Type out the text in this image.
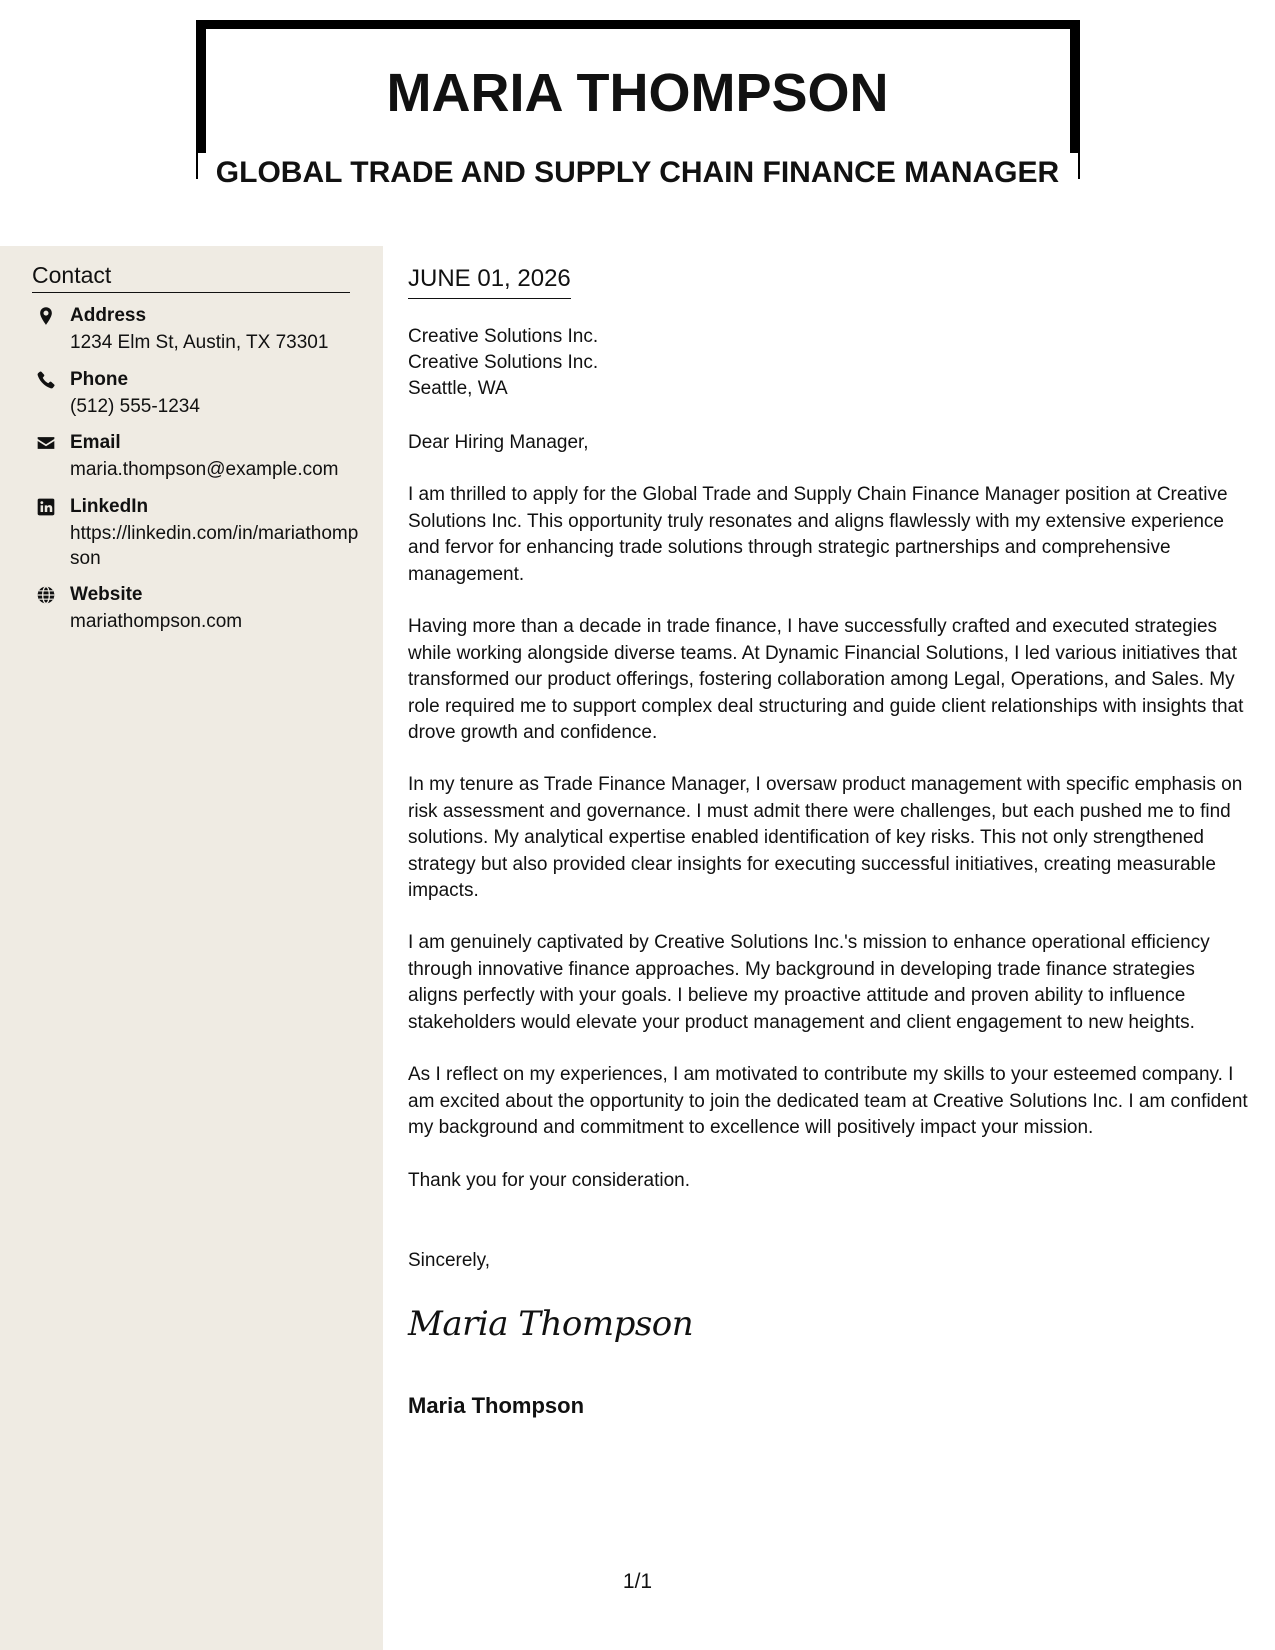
MARIA THOMPSON
GLOBAL TRADE AND SUPPLY CHAIN FINANCE MANAGER
Contact
Address
1234 Elm St, Austin, TX 73301
Phone
(512) 555-1234
Email
maria.thompson@example.com
LinkedIn
https://linkedin.com/in/mariathompson
Website
mariathompson.com
JUNE 01, 2026
Creative Solutions Inc.
Creative Solutions Inc.
Seattle, WA

Dear Hiring Manager,

I am thrilled to apply for the Global Trade and Supply Chain Finance Manager position at Creative Solutions Inc. This opportunity truly resonates and aligns flawlessly with my extensive experience and fervor for enhancing trade solutions through strategic partnerships and comprehensive management.

Having more than a decade in trade finance, I have successfully crafted and executed strategies while working alongside diverse teams. At Dynamic Financial Solutions, I led various initiatives that transformed our product offerings, fostering collaboration among Legal, Operations, and Sales. My role required me to support complex deal structuring and guide client relationships with insights that drove growth and confidence.

In my tenure as Trade Finance Manager, I oversaw product management with specific emphasis on risk assessment and governance. I must admit there were challenges, but each pushed me to find solutions. My analytical expertise enabled identification of key risks. This not only strengthened strategy but also provided clear insights for executing successful initiatives, creating measurable impacts.

I am genuinely captivated by Creative Solutions Inc.'s mission to enhance operational efficiency through innovative finance approaches. My background in developing trade finance strategies aligns perfectly with your goals. I believe my proactive attitude and proven ability to influence stakeholders would elevate your product management and client engagement to new heights.

As I reflect on my experiences, I am motivated to contribute my skills to your esteemed company. I am excited about the opportunity to join the dedicated team at Creative Solutions Inc. I am confident my background and commitment to excellence will positively impact your mission.

Thank you for your consideration.

Sincerely,

Maria Thompson
Maria Thompson
1/1
